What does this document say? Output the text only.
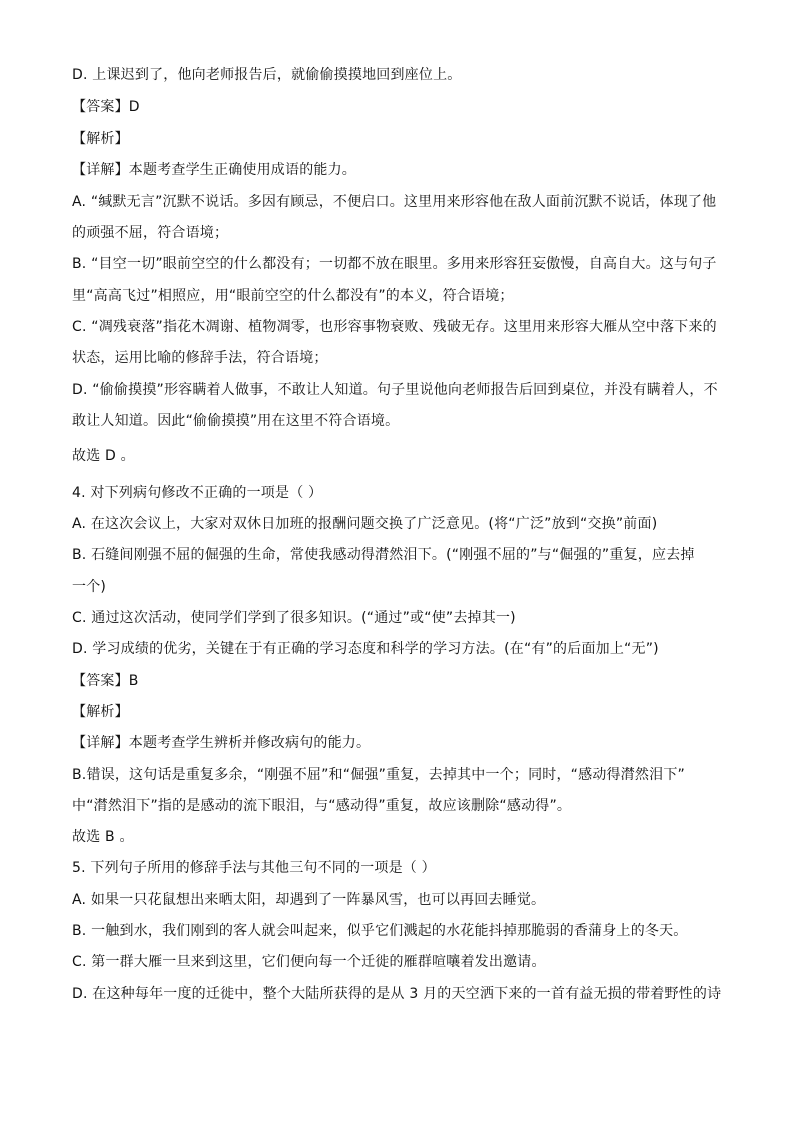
D. 上课迟到了，他向老师报告后，就偷偷摸摸地回到座位上。
【答案】D
【解析】
【详解】本题考查学生正确使用成语的能力。
A. “缄默无言”沉默不说话。多因有顾忌，不便启口。这里用来形容他在敌人面前沉默不说话，体现了他
的顽强不屈，符合语境；
B. “目空一切”眼前空空的什么都没有；一切都不放在眼里。多用来形容狂妄傲慢，自高自大。这与句子
里“高高飞过”相照应，用“眼前空空的什么都没有”的本义，符合语境；
C. “凋残衰落”指花木凋谢、植物凋零，也形容事物衰败、残破无存。这里用来形容大雁从空中落下来的
状态，运用比喻的修辞手法，符合语境；
D. “偷偷摸摸”形容瞒着人做事，不敢让人知道。句子里说他向老师报告后回到桌位，并没有瞒着人，不
敢让人知道。因此“偷偷摸摸”用在这里不符合语境。
故选 D 。
4. 对下列病句修改不正确的一项是（ ）
A. 在这次会议上，大家对双休日加班的报酬问题交换了广泛意见。(将“广泛”放到“交换”前面)
B. 石缝间刚强不屈的倔强的生命，常使我感动得潸然泪下。(“刚强不屈的”与“倔强的”重复，应去掉
一个)
C. 通过这次活动，使同学们学到了很多知识。(“通过”或“使”去掉其一)
D. 学习成绩的优劣，关键在于有正确的学习态度和科学的学习方法。(在“有”的后面加上“无”)
【答案】B
【解析】
【详解】本题考查学生辨析并修改病句的能力。
B.错误，这句话是重复多余，“刚强不屈”和“倔强”重复，去掉其中一个；同时，“感动得潸然泪下”
中“潸然泪下”指的是感动的流下眼泪，与“感动得”重复，故应该删除“感动得”。
故选 B 。
5. 下列句子所用的修辞手法与其他三句不同的一项是（ ）
A. 如果一只花鼠想出来晒太阳，却遇到了一阵暴风雪，也可以再回去睡觉。
B. 一触到水，我们刚到的客人就会叫起来，似乎它们溅起的水花能抖掉那脆弱的香蒲身上的冬天。
C. 第一群大雁一旦来到这里，它们便向每一个迁徙的雁群喧嚷着发出邀请。
D. 在这种每年一度的迁徙中，整个大陆所获得的是从 3 月的天空洒下来的一首有益无损的带着野性的诗
